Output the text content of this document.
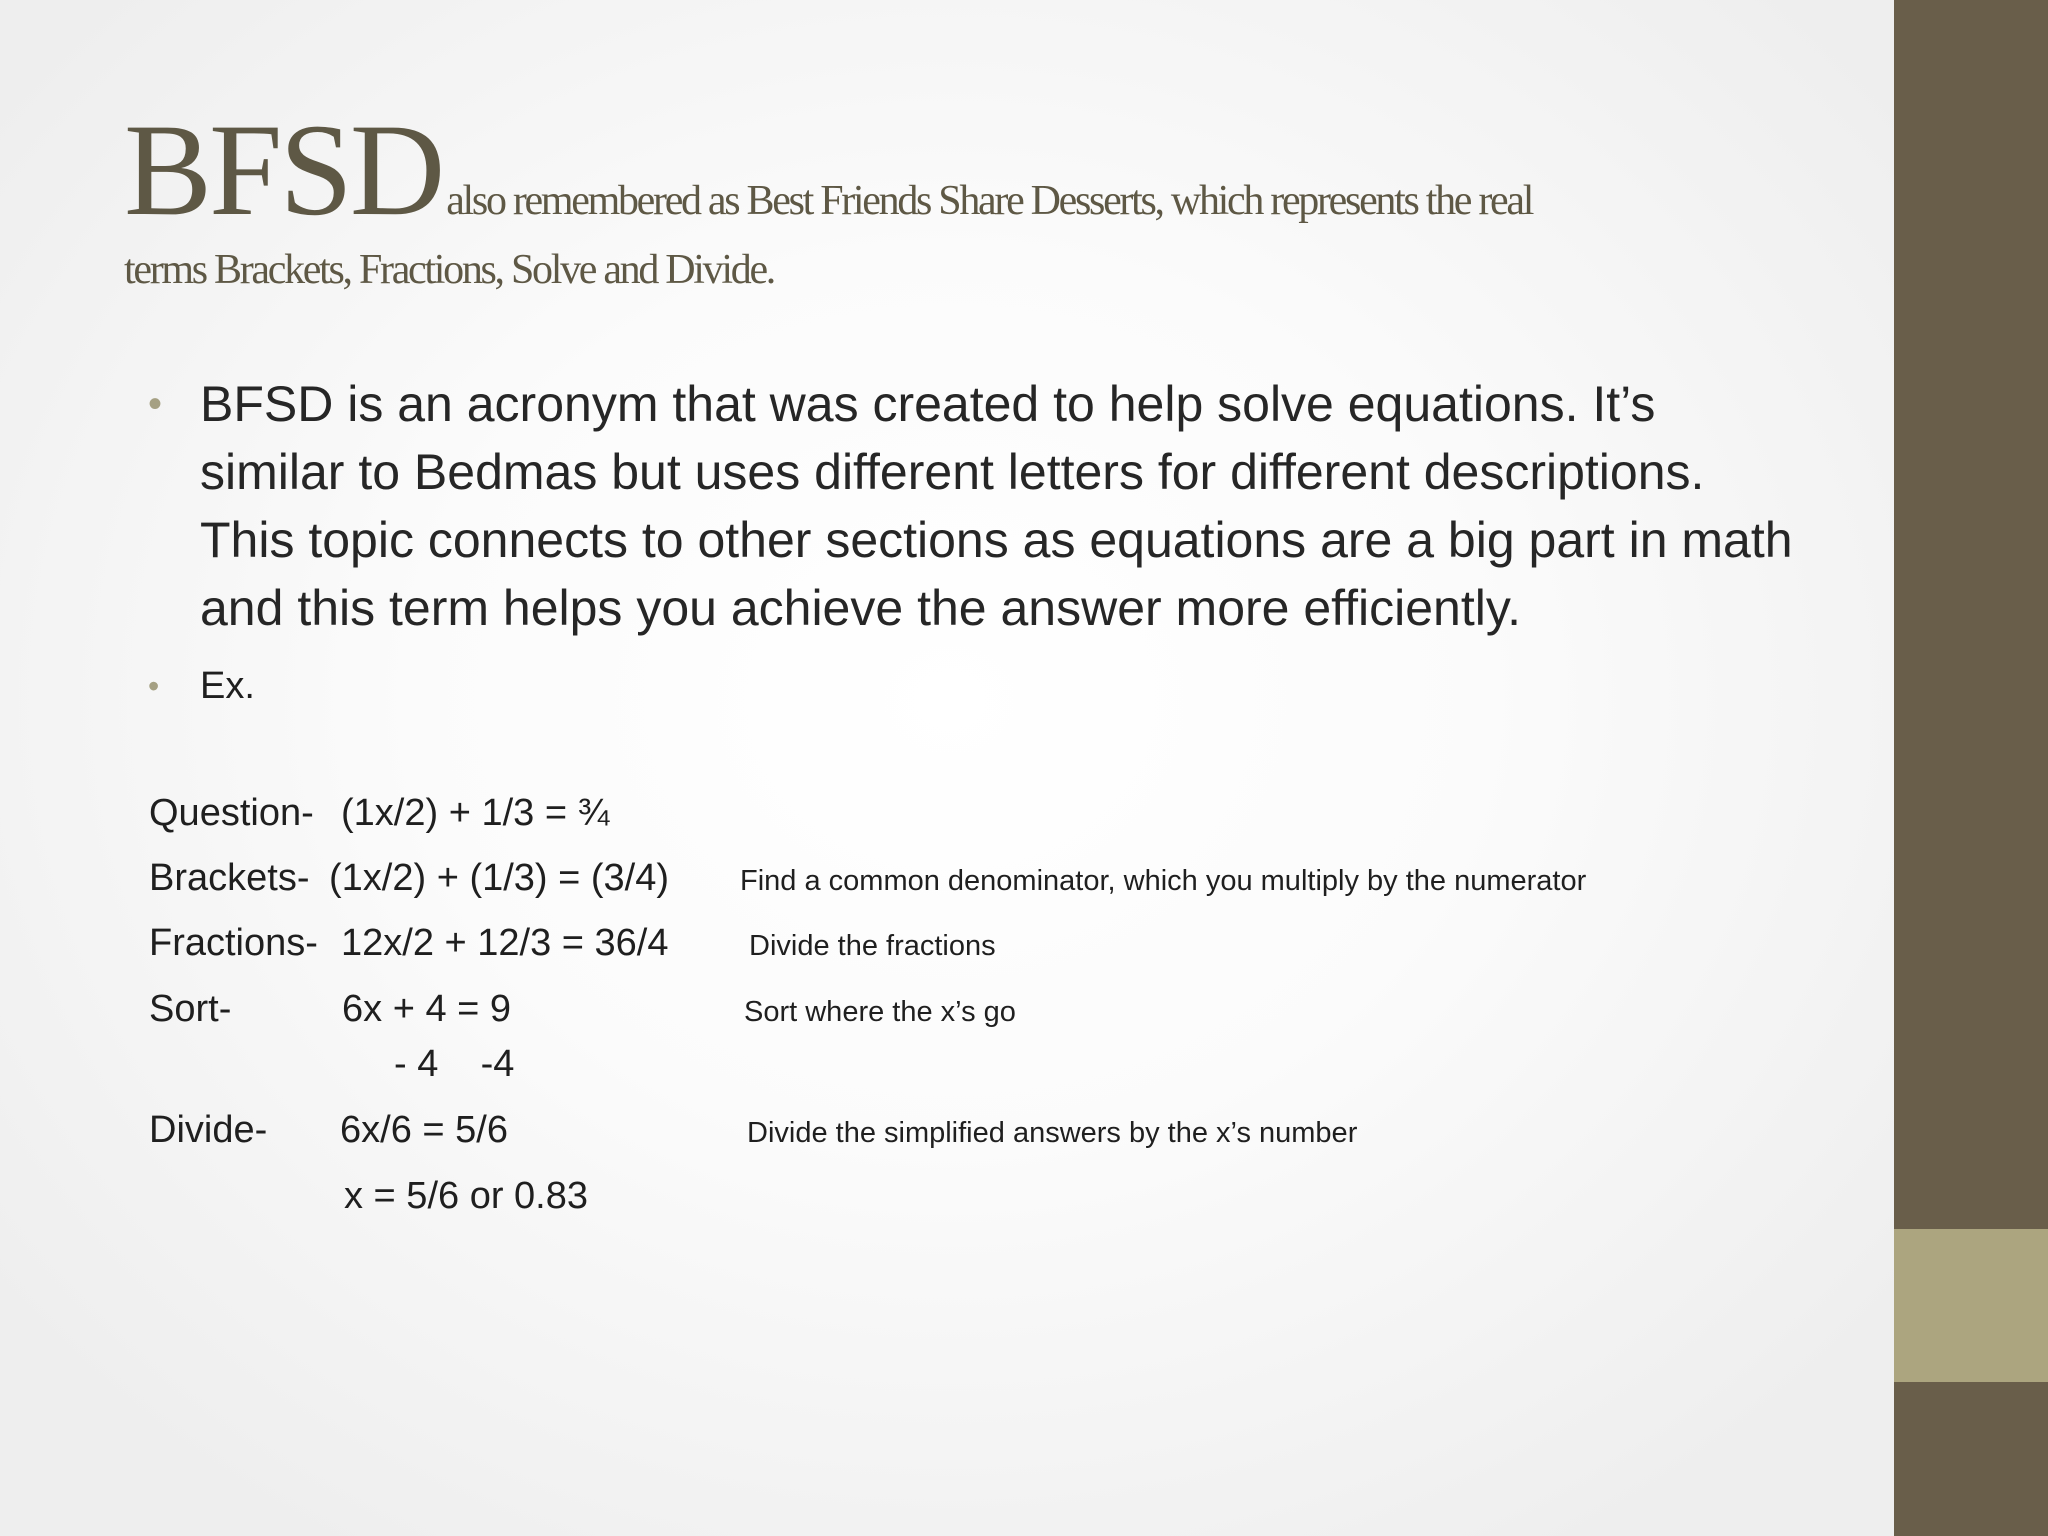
BFSD also remembered as Best Friends Share Desserts, which represents the real
terms Brackets, Fractions, Solve and Divide.
• BFSD is an acronym that was created to help solve equations. It’s similar to Bedmas but uses different letters for different descriptions. This topic connects to other sections as equations are a big part in math and this term helps you achieve the answer more efficiently.
• Ex.
Question- (1x/2) + 1/3 = ¾
Brackets- (1x/2) + (1/3) = (3/4) Find a common denominator, which you multiply by the numerator
Fractions- 12x/2 + 12/3 = 36/4	Divide the fractions
Sort-	6x + 4 = 9	Sort where the x’s go
- 4    -4
Divide- 6x/6 = 5/6	Divide the simplified answers by the x’s number
x = 5/6 or 0.83
